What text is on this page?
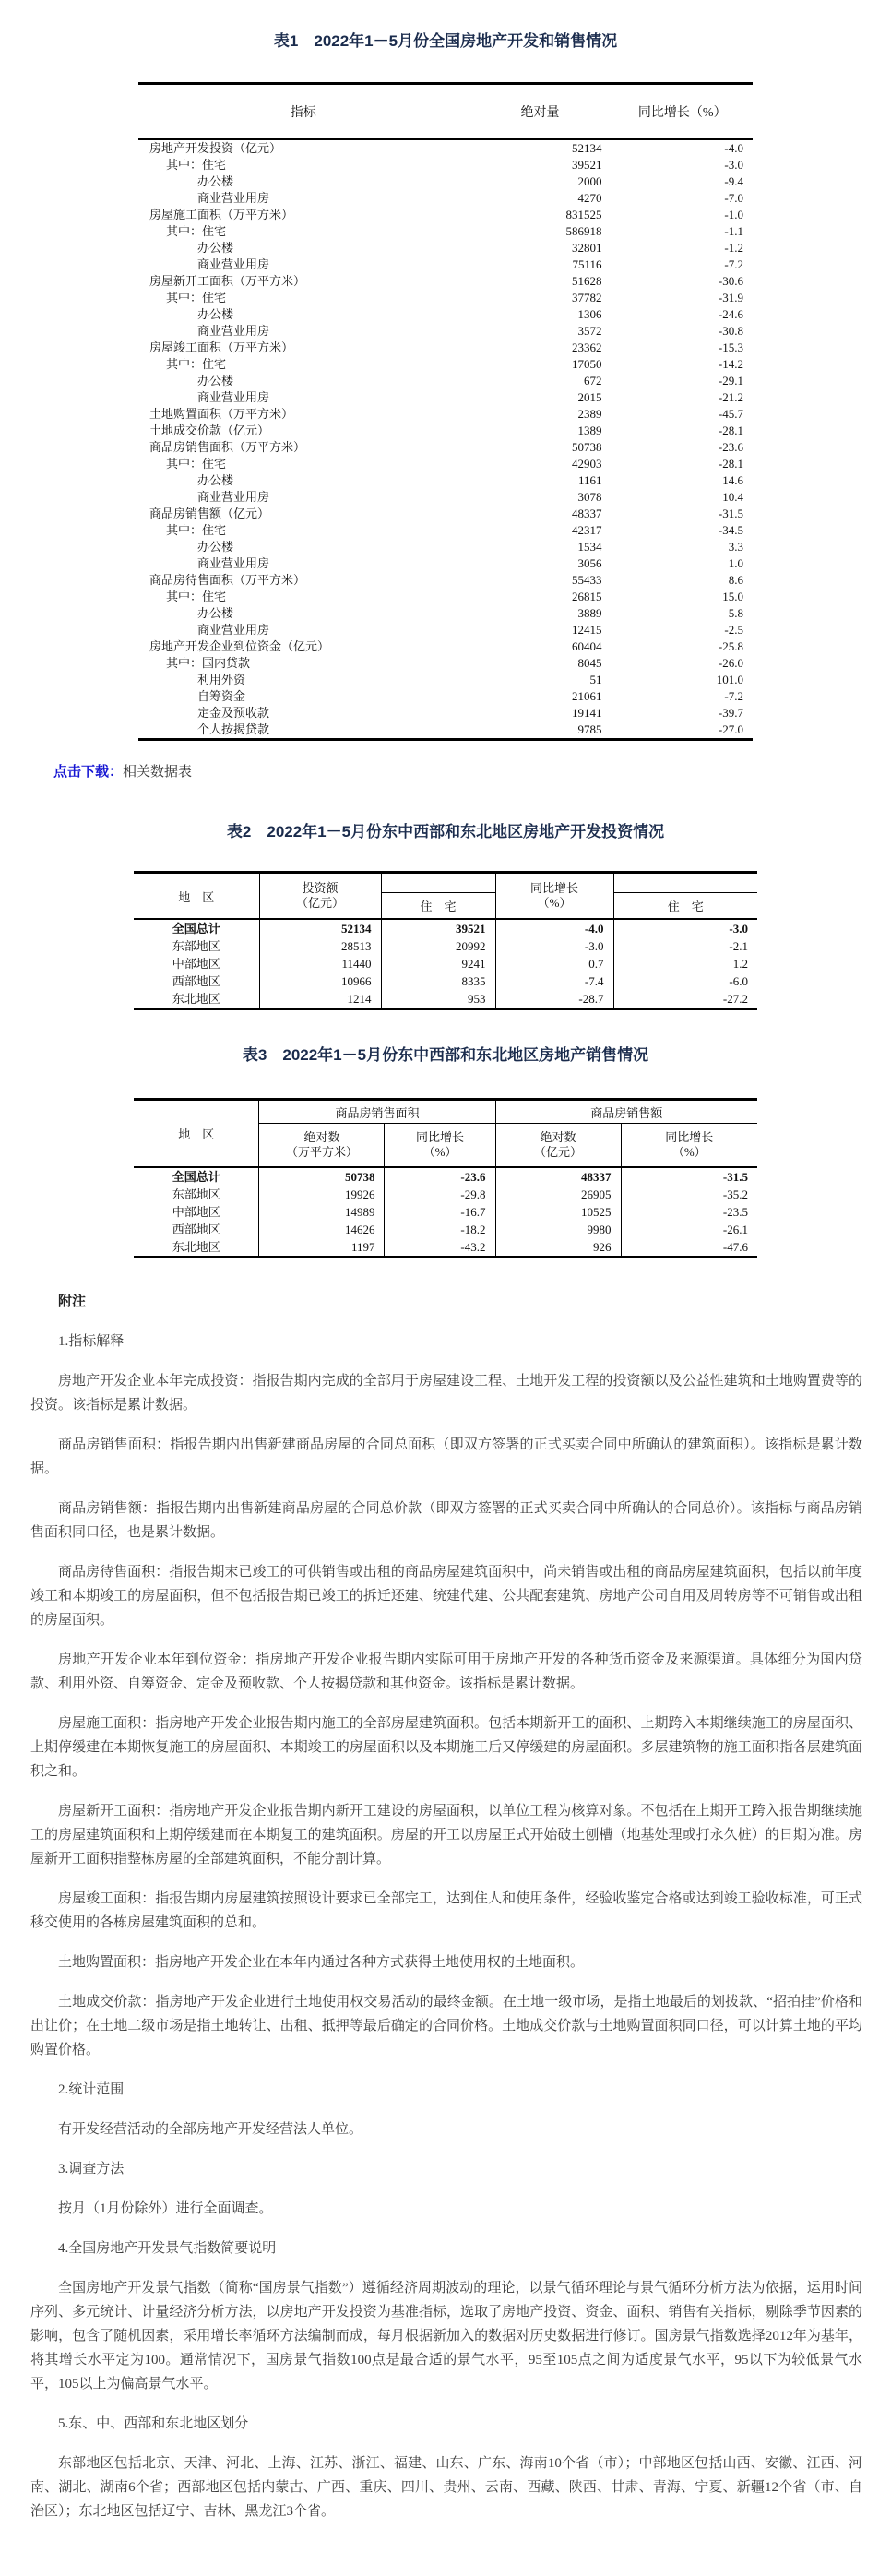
表1　2022年1－5月份全国房地产开发和销售情况
指标	绝对量	同比增长（%）
房地产开发投资（亿元）	52134	-4.0
其中：住宅	39521	-3.0
办公楼	2000	-9.4
商业营业用房	4270	-7.0
房屋施工面积（万平方米）	831525	-1.0
其中：住宅	586918	-1.1
办公楼	32801	-1.2
商业营业用房	75116	-7.2
房屋新开工面积（万平方米）	51628	-30.6
其中：住宅	37782	-31.9
办公楼	1306	-24.6
商业营业用房	3572	-30.8
房屋竣工面积（万平方米）	23362	-15.3
其中：住宅	17050	-14.2
办公楼	672	-29.1
商业营业用房	2015	-21.2
土地购置面积（万平方米）	2389	-45.7
土地成交价款（亿元）	1389	-28.1
商品房销售面积（万平方米）	50738	-23.6
其中：住宅	42903	-28.1
办公楼	1161	14.6
商业营业用房	3078	10.4
商品房销售额（亿元）	48337	-31.5
其中：住宅	42317	-34.5
办公楼	1534	3.3
商业营业用房	3056	1.0
商品房待售面积（万平方米）	55433	8.6
其中：住宅	26815	15.0
办公楼	3889	5.8
商业营业用房	12415	-2.5
房地产开发企业到位资金（亿元）	60404	-25.8
其中：国内贷款	8045	-26.0
利用外资	51	101.0
自筹资金	21061	-7.2
定金及预收款	19141	-39.7
个人按揭贷款	9785	-27.0

点击下载：相关数据表

表2　2022年1－5月份东中西部和东北地区房地产开发投资情况
地　区	
投资额
（亿元）

同比增长
（%）

		住　宅		住　宅
全国总计	52134	39521	-4.0	-3.0
东部地区	28513	20992	-3.0	-2.1
中部地区	11440	9241	0.7	1.2
西部地区	10966	8335	-7.4	-6.0
东北地区	1214	953	-28.7	-27.2
表3　2022年1－5月份东中西部和东北地区房地产销售情况
地　区	商品房销售面积		商品房销售额	

绝对数
（万平方米）

同比增长
（%）

绝对数
（亿元）

同比增长
（%）

全国总计	50738	-23.6	48337	-31.5
东部地区	19926	-29.8	26905	-35.2
中部地区	14989	-16.7	10525	-23.5
西部地区	14626	-18.2	9980	-26.1
东北地区	1197	-43.2	926	-47.6

附注

1.指标解释

房地产开发企业本年完成投资：指报告期内完成的全部用于房屋建设工程、土地开发工程的投资额以及公益性建筑和土地购置费等的投资。该指标是累计数据。

商品房销售面积：指报告期内出售新建商品房屋的合同总面积（即双方签署的正式买卖合同中所确认的建筑面积）。该指标是累计数据。

商品房销售额：指报告期内出售新建商品房屋的合同总价款（即双方签署的正式买卖合同中所确认的合同总价）。该指标与商品房销售面积同口径，也是累计数据。

商品房待售面积：指报告期末已竣工的可供销售或出租的商品房屋建筑面积中，尚未销售或出租的商品房屋建筑面积，包括以前年度竣工和本期竣工的房屋面积，但不包括报告期已竣工的拆迁还建、统建代建、公共配套建筑、房地产公司自用及周转房等不可销售或出租的房屋面积。

房地产开发企业本年到位资金：指房地产开发企业报告期内实际可用于房地产开发的各种货币资金及来源渠道。具体细分为国内贷款、利用外资、自筹资金、定金及预收款、个人按揭贷款和其他资金。该指标是累计数据。

房屋施工面积：指房地产开发企业报告期内施工的全部房屋建筑面积。包括本期新开工的面积、上期跨入本期继续施工的房屋面积、上期停缓建在本期恢复施工的房屋面积、本期竣工的房屋面积以及本期施工后又停缓建的房屋面积。多层建筑物的施工面积指各层建筑面积之和。

房屋新开工面积：指房地产开发企业报告期内新开工建设的房屋面积，以单位工程为核算对象。不包括在上期开工跨入报告期继续施工的房屋建筑面积和上期停缓建而在本期复工的建筑面积。房屋的开工以房屋正式开始破土刨槽（地基处理或打永久桩）的日期为准。房屋新开工面积指整栋房屋的全部建筑面积，不能分割计算。

房屋竣工面积：指报告期内房屋建筑按照设计要求已全部完工，达到住人和使用条件，经验收鉴定合格或达到竣工验收标准，可正式移交使用的各栋房屋建筑面积的总和。

土地购置面积：指房地产开发企业在本年内通过各种方式获得土地使用权的土地面积。

土地成交价款：指房地产开发企业进行土地使用权交易活动的最终金额。在土地一级市场，是指土地最后的划拨款、“招拍挂”价格和出让价；在土地二级市场是指土地转让、出租、抵押等最后确定的合同价格。土地成交价款与土地购置面积同口径，可以计算土地的平均购置价格。

2.统计范围

有开发经营活动的全部房地产开发经营法人单位。

3.调查方法

按月（1月份除外）进行全面调查。

4.全国房地产开发景气指数简要说明

全国房地产开发景气指数（简称“国房景气指数”）遵循经济周期波动的理论，以景气循环理论与景气循环分析方法为依据，运用时间序列、多元统计、计量经济分析方法，以房地产开发投资为基准指标，选取了房地产投资、资金、面积、销售有关指标，剔除季节因素的影响，包含了随机因素，采用增长率循环方法编制而成，每月根据新加入的数据对历史数据进行修订。国房景气指数选择2012年为基年，将其增长水平定为100。通常情况下，国房景气指数100点是最合适的景气水平，95至105点之间为适度景气水平，95以下为较低景气水平，105以上为偏高景气水平。

5.东、中、西部和东北地区划分

东部地区包括北京、天津、河北、上海、江苏、浙江、福建、山东、广东、海南10个省（市）；中部地区包括山西、安徽、江西、河南、湖北、湖南6个省；西部地区包括内蒙古、广西、重庆、四川、贵州、云南、西藏、陕西、甘肃、青海、宁夏、新疆12个省（市、自治区）；东北地区包括辽宁、吉林、黑龙江3个省。
